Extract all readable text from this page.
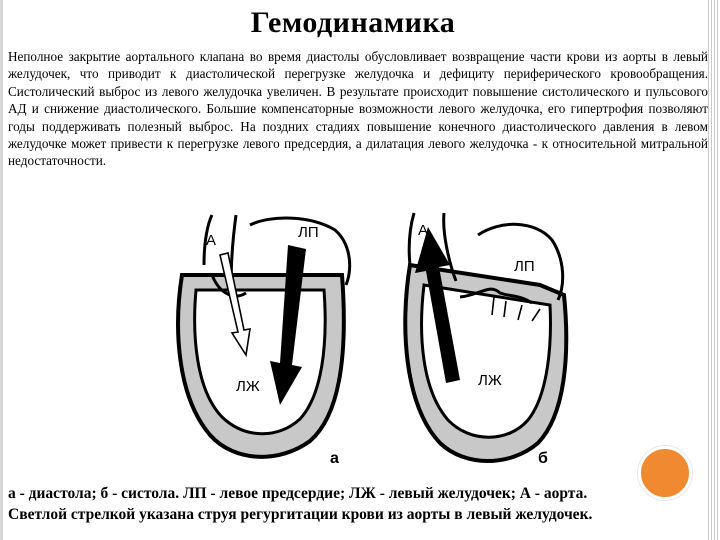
Гемодинамика
Неполное закрытие аортального клапана во время диастолы обусловливает возвращение части крови из аорты в левый желудочек, что приводит к диастолической перегрузке желудочка и дефициту периферического кровообращения. Систолический выброс из левого желудочка увеличен. В результате происходит повышение систолического и пульсового АД и снижение диастолического. Большие компенсаторные возможности левого желудочка, его гипертрофия позволяют годы поддерживать полезный выброс. На поздних стадиях повышение конечного диастолического давления в левом желудочке может привести к перегрузке левого предсердия, а дилатация левого желудочка - к относительной митральной недостаточности.
А	ЛП
ЛЖ
а
А
ЛП
ЛЖ
б
а - диастола; б - систола. ЛП - левое предсердие; ЛЖ - левый желудочек; А - аорта.
Светлой стрелкой указана струя регургитации крови из аорты в левый желудочек.
